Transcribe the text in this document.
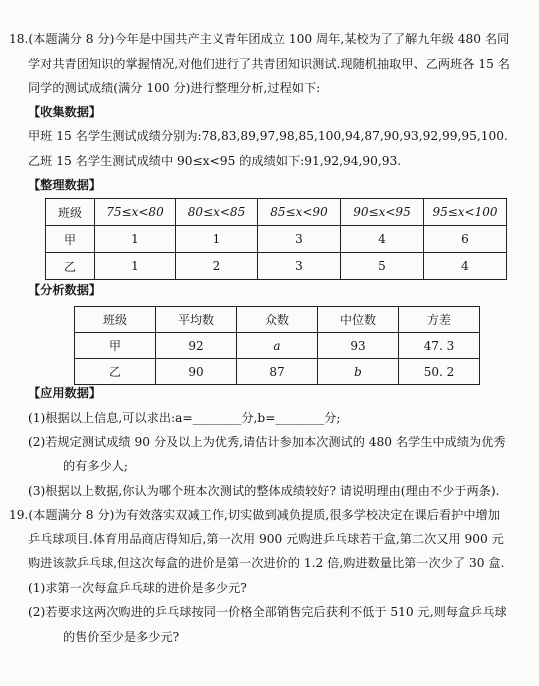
18.(本题满分 8 分)今年是中国共产主义青年团成立 100 周年,某校为了了解九年级 480 名同
学对共青团知识的掌握情况,对他们进行了共青团知识测试.现随机抽取甲、乙两班各 15 名
同学的测试成绩(满分 100 分)进行整理分析,过程如下:
【收集数据】
甲班 15 名学生测试成绩分别为:78,83,89,97,98,85,100,94,87,90,93,92,99,95,100.
乙班 15 名学生测试成绩中 90≤x<95 的成绩如下:91,92,94,90,93.
【整理数据】
班级	75≤x<80	80≤x<85	85≤x<90	90≤x<95	95≤x<100
甲	1	1	3	4	6
乙	1	2	3	5	4
【分析数据】
班级	平均数	众数	中位数	方差
甲	92	a	93	47. 3
乙	90	87	b	50. 2
【应用数据】
(1)根据以上信息,可以求出:a=________分,b=________分;
(2)若规定测试成绩 90 分及以上为优秀,请估计参加本次测试的 480 名学生中成绩为优秀
的有多少人;
(3)根据以上数据,你认为哪个班本次测试的整体成绩较好? 请说明理由(理由不少于两条).
19.(本题满分 8 分)为有效落实双减工作,切实做到减负提质,很多学校决定在课后看护中增加
乒乓球项目.体育用品商店得知后,第一次用 900 元购进乒乓球若干盒,第二次又用 900 元
购进该款乒乓球,但这次每盒的进价是第一次进价的 1.2 倍,购进数量比第一次少了 30 盒.
(1)求第一次每盒乒乓球的进价是多少元?
(2)若要求这两次购进的乒乓球按同一价格全部销售完后获利不低于 510 元,则每盒乒乓球
的售价至少是多少元?
